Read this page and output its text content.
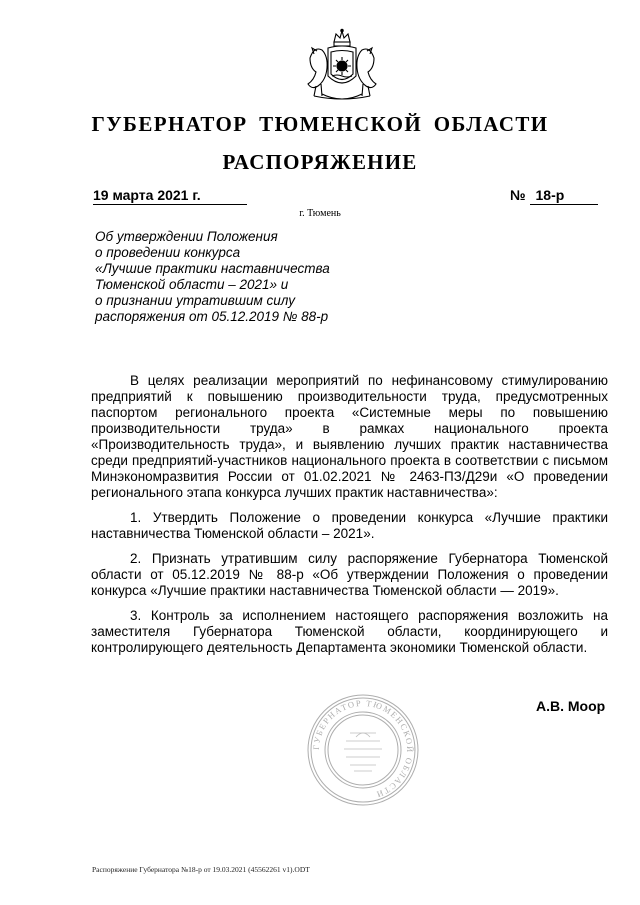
ГУБЕРНАТОР ТЮМЕНСКОЙ ОБЛАСТИ
РАСПОРЯЖЕНИЕ
19 марта 2021 г.	№ 18-р
г. Тюмень
Об утверждении Положения
о проведении конкурса
«Лучшие практики наставничества
Тюменской области – 2021» и
о признании утратившим силу
распоряжения от 05.12.2019 № 88-р

В целях реализации мероприятий по нефинансовому стимулированию предприятий к повышению производительности труда, предусмотренных паспортом регионального проекта «Системные меры по повышению производительности труда» в рамках национального проекта «Производительность труда», и выявлению лучших практик наставничества среди предприятий-участников национального проекта в соответствии с письмом Минэкономразвития России от 01.02.2021 № 2463-ПЗ/Д29и «О проведении регионального этапа конкурса лучших практик наставничества»:

1. Утвердить Положение о проведении конкурса «Лучшие практики наставничества Тюменской области – 2021».

2. Признать утратившим силу распоряжение Губернатора Тюменской области от 05.12.2019 № 88-р «Об утверждении Положения о проведении конкурса «Лучшие практики наставничества Тюменской области — 2019».

3. Контроль за исполнением настоящего распоряжения возложить на заместителя Губернатора Тюменской области, координирующего и контролирующего деятельность Департамента экономики Тюменской области.

ГУБЕРНАТОР ТЮМЕНСКОЙ ОБЛАСТИ
А.В. Моор
Распоряжение Губернатора №18-р от 19.03.2021 (45562261 v1).ODT
